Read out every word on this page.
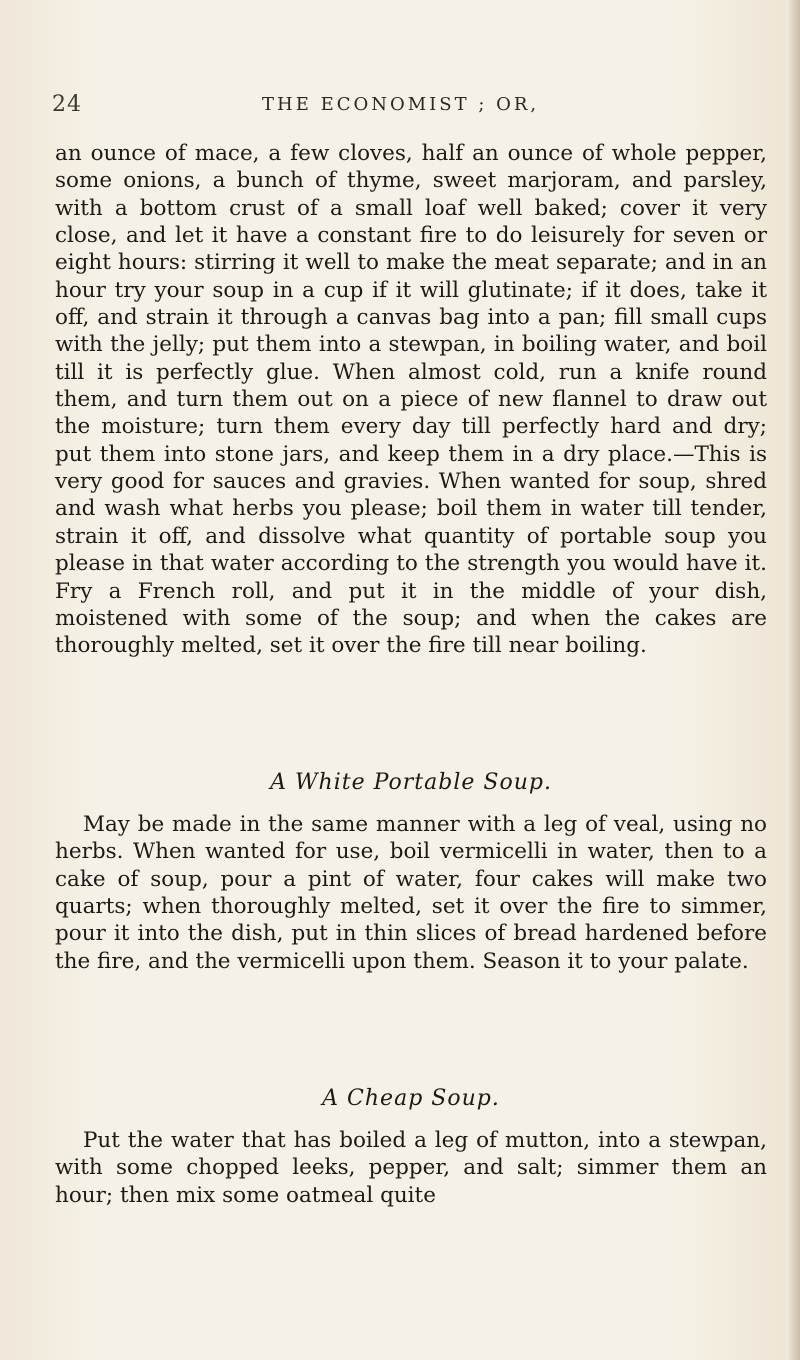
24	THE ECONOMIST ; OR,
an ounce of mace, a few cloves, half an ounce of whole pepper, some onions, a bunch of thyme, sweet marjoram, and parsley, with a bottom crust of a small loaf well baked; cover it very close, and let it have a constant fire to do leisurely for seven or eight hours: stirring it well to make the meat separate; and in an hour try your soup in a cup if it will glutinate; if it does, take it off, and strain it through a canvas bag into a pan; fill small cups with the jelly; put them into a stewpan, in boiling water, and boil till it is perfectly glue. When almost cold, run a knife round them, and turn them out on a piece of new flannel to draw out the moisture; turn them every day till perfectly hard and dry; put them into stone jars, and keep them in a dry place.—This is very good for sauces and gravies. When wanted for soup, shred and wash what herbs you please; boil them in water till tender, strain it off, and dissolve what quantity of portable soup you please in that water according to the strength you would have it. Fry a French roll, and put it in the middle of your dish, moistened with some of the soup; and when the cakes are thoroughly melted, set it over the fire till near boiling.
A White Portable Soup.
May be made in the same manner with a leg of veal, using no herbs. When wanted for use, boil vermicelli in water, then to a cake of soup, pour a pint of water, four cakes will make two quarts; when thoroughly melted, set it over the fire to simmer, pour it into the dish, put in thin slices of bread hardened before the fire, and the vermicelli upon them. Season it to your palate.
A Cheap Soup.
Put the water that has boiled a leg of mutton, into a stewpan, with some chopped leeks, pepper, and salt; simmer them an hour; then mix some oatmeal quite
